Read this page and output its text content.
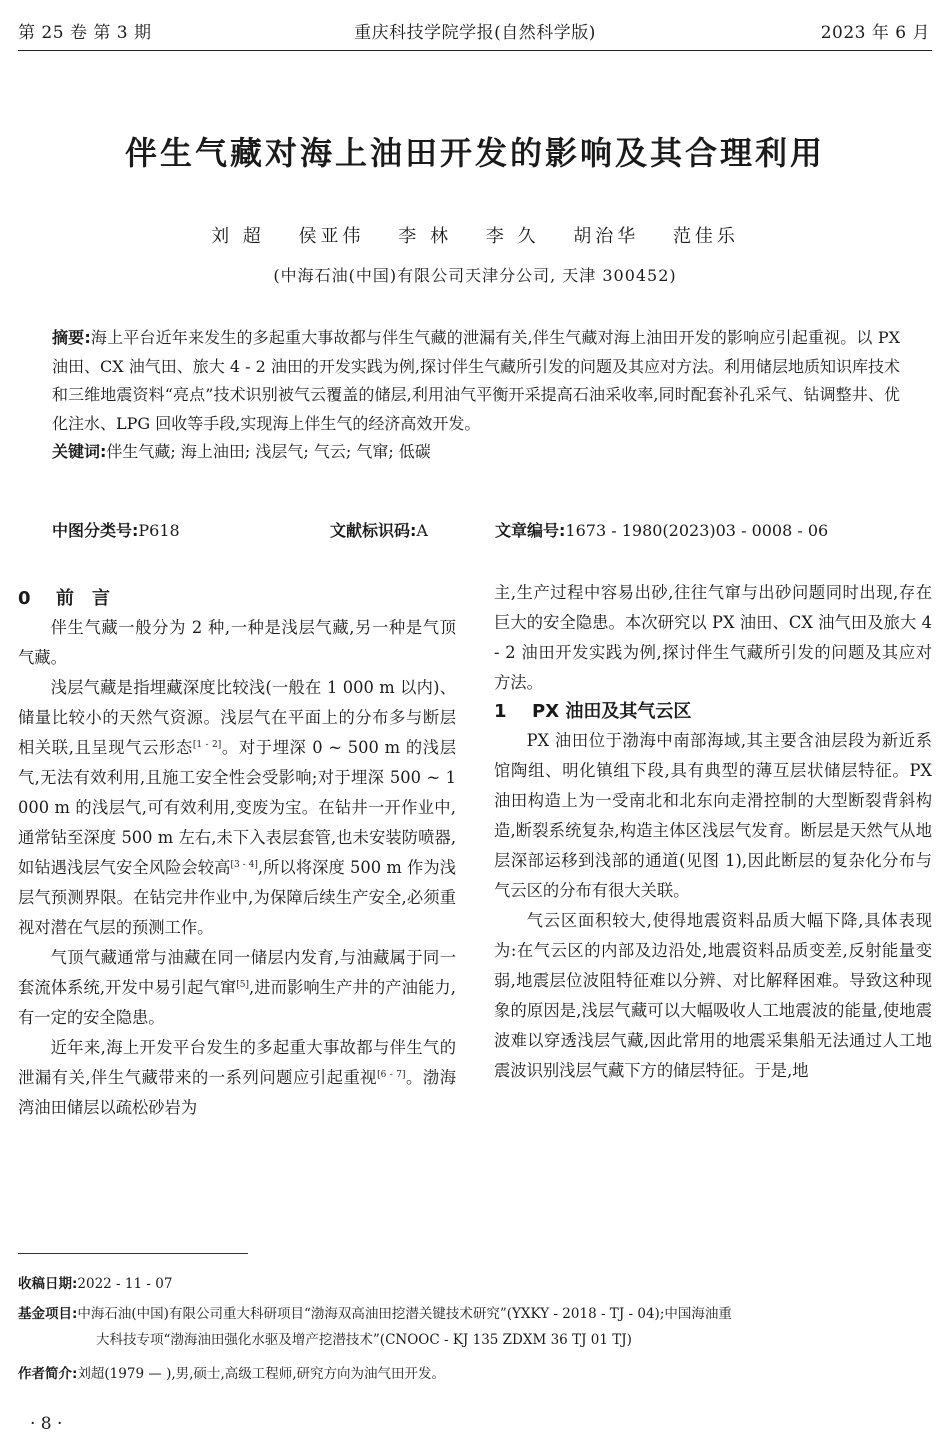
第 25 卷 第 3 期	重庆科技学院学报(自然科学版)	2023 年 6 月
伴生气藏对海上油田开发的影响及其合理利用
刘 超 侯亚伟 李 林 李 久 胡治华 范佳乐
(中海石油(中国)有限公司天津分公司, 天津 300452)

摘要:海上平台近年来发生的多起重大事故都与伴生气藏的泄漏有关,伴生气藏对海上油田开发的影响应引起重视。以 PX 油田、CX 油气田、旅大 4 - 2 油田的开发实践为例,探讨伴生气藏所引发的问题及其应对方法。利用储层地质知识库技术和三维地震资料“亮点”技术识别被气云覆盖的储层,利用油气平衡开采提高石油采收率,同时配套补孔采气、钻调整井、优化注水、LPG 回收等手段,实现海上伴生气的经济高效开发。

关键词:伴生气藏; 海上油田; 浅层气; 气云; 气窜; 低碳

中图分类号:P618	文献标识码:A	文章编号:1673 - 1980(2023)03 - 0008 - 06

0 前　言

伴生气藏一般分为 2 种,一种是浅层气藏,另一种是气顶气藏。

浅层气藏是指埋藏深度比较浅(一般在 1 000 m 以内)、储量比较小的天然气资源。浅层气在平面上的分布多与断层相关联,且呈现气云形态[1 - 2]。对于埋深 0 ~ 500 m 的浅层气,无法有效利用,且施工安全性会受影响;对于埋深 500 ~ 1 000 m 的浅层气,可有效利用,变废为宝。在钻井一开作业中,通常钻至深度 500 m 左右,未下入表层套管,也未安装防喷器,如钻遇浅层气安全风险会较高[3 - 4],所以将深度 500 m 作为浅层气预测界限。在钻完井作业中,为保障后续生产安全,必须重视对潜在气层的预测工作。

气顶气藏通常与油藏在同一储层内发育,与油藏属于同一套流体系统,开发中易引起气窜[5],进而影响生产井的产油能力,有一定的安全隐患。

近年来,海上开发平台发生的多起重大事故都与伴生气的泄漏有关,伴生气藏带来的一系列问题应引起重视[6 - 7]。渤海湾油田储层以疏松砂岩为

主,生产过程中容易出砂,往往气窜与出砂问题同时出现,存在巨大的安全隐患。本次研究以 PX 油田、CX 油气田及旅大 4 - 2 油田开发实践为例,探讨伴生气藏所引发的问题及其应对方法。

1 PX 油田及其气云区

PX 油田位于渤海中南部海域,其主要含油层段为新近系馆陶组、明化镇组下段,具有典型的薄互层状储层特征。PX 油田构造上为一受南北和北东向走滑控制的大型断裂背斜构造,断裂系统复杂,构造主体区浅层气发育。断层是天然气从地层深部运移到浅部的通道(见图 1),因此断层的复杂化分布与气云区的分布有很大关联。

气云区面积较大,使得地震资料品质大幅下降,具体表现为:在气云区的内部及边沿处,地震资料品质变差,反射能量变弱,地震层位波阻特征难以分辨、对比解释困难。导致这种现象的原因是,浅层气藏可以大幅吸收人工地震波的能量,使地震波难以穿透浅层气藏,因此常用的地震采集船无法通过人工地震波识别浅层气藏下方的储层特征。于是,地

收稿日期:2022 - 11 - 07
基金项目:中海石油(中国)有限公司重大科研项目“渤海双高油田挖潜关键技术研究”(YXKY - 2018 - TJ - 04);中国海油重
大科技专项“渤海油田强化水驱及增产挖潜技术”(CNOOC - KJ 135 ZDXM 36 TJ 01 TJ)
作者简介:刘超(1979 — ),男,硕士,高级工程师,研究方向为油气田开发。
· 8 ·
